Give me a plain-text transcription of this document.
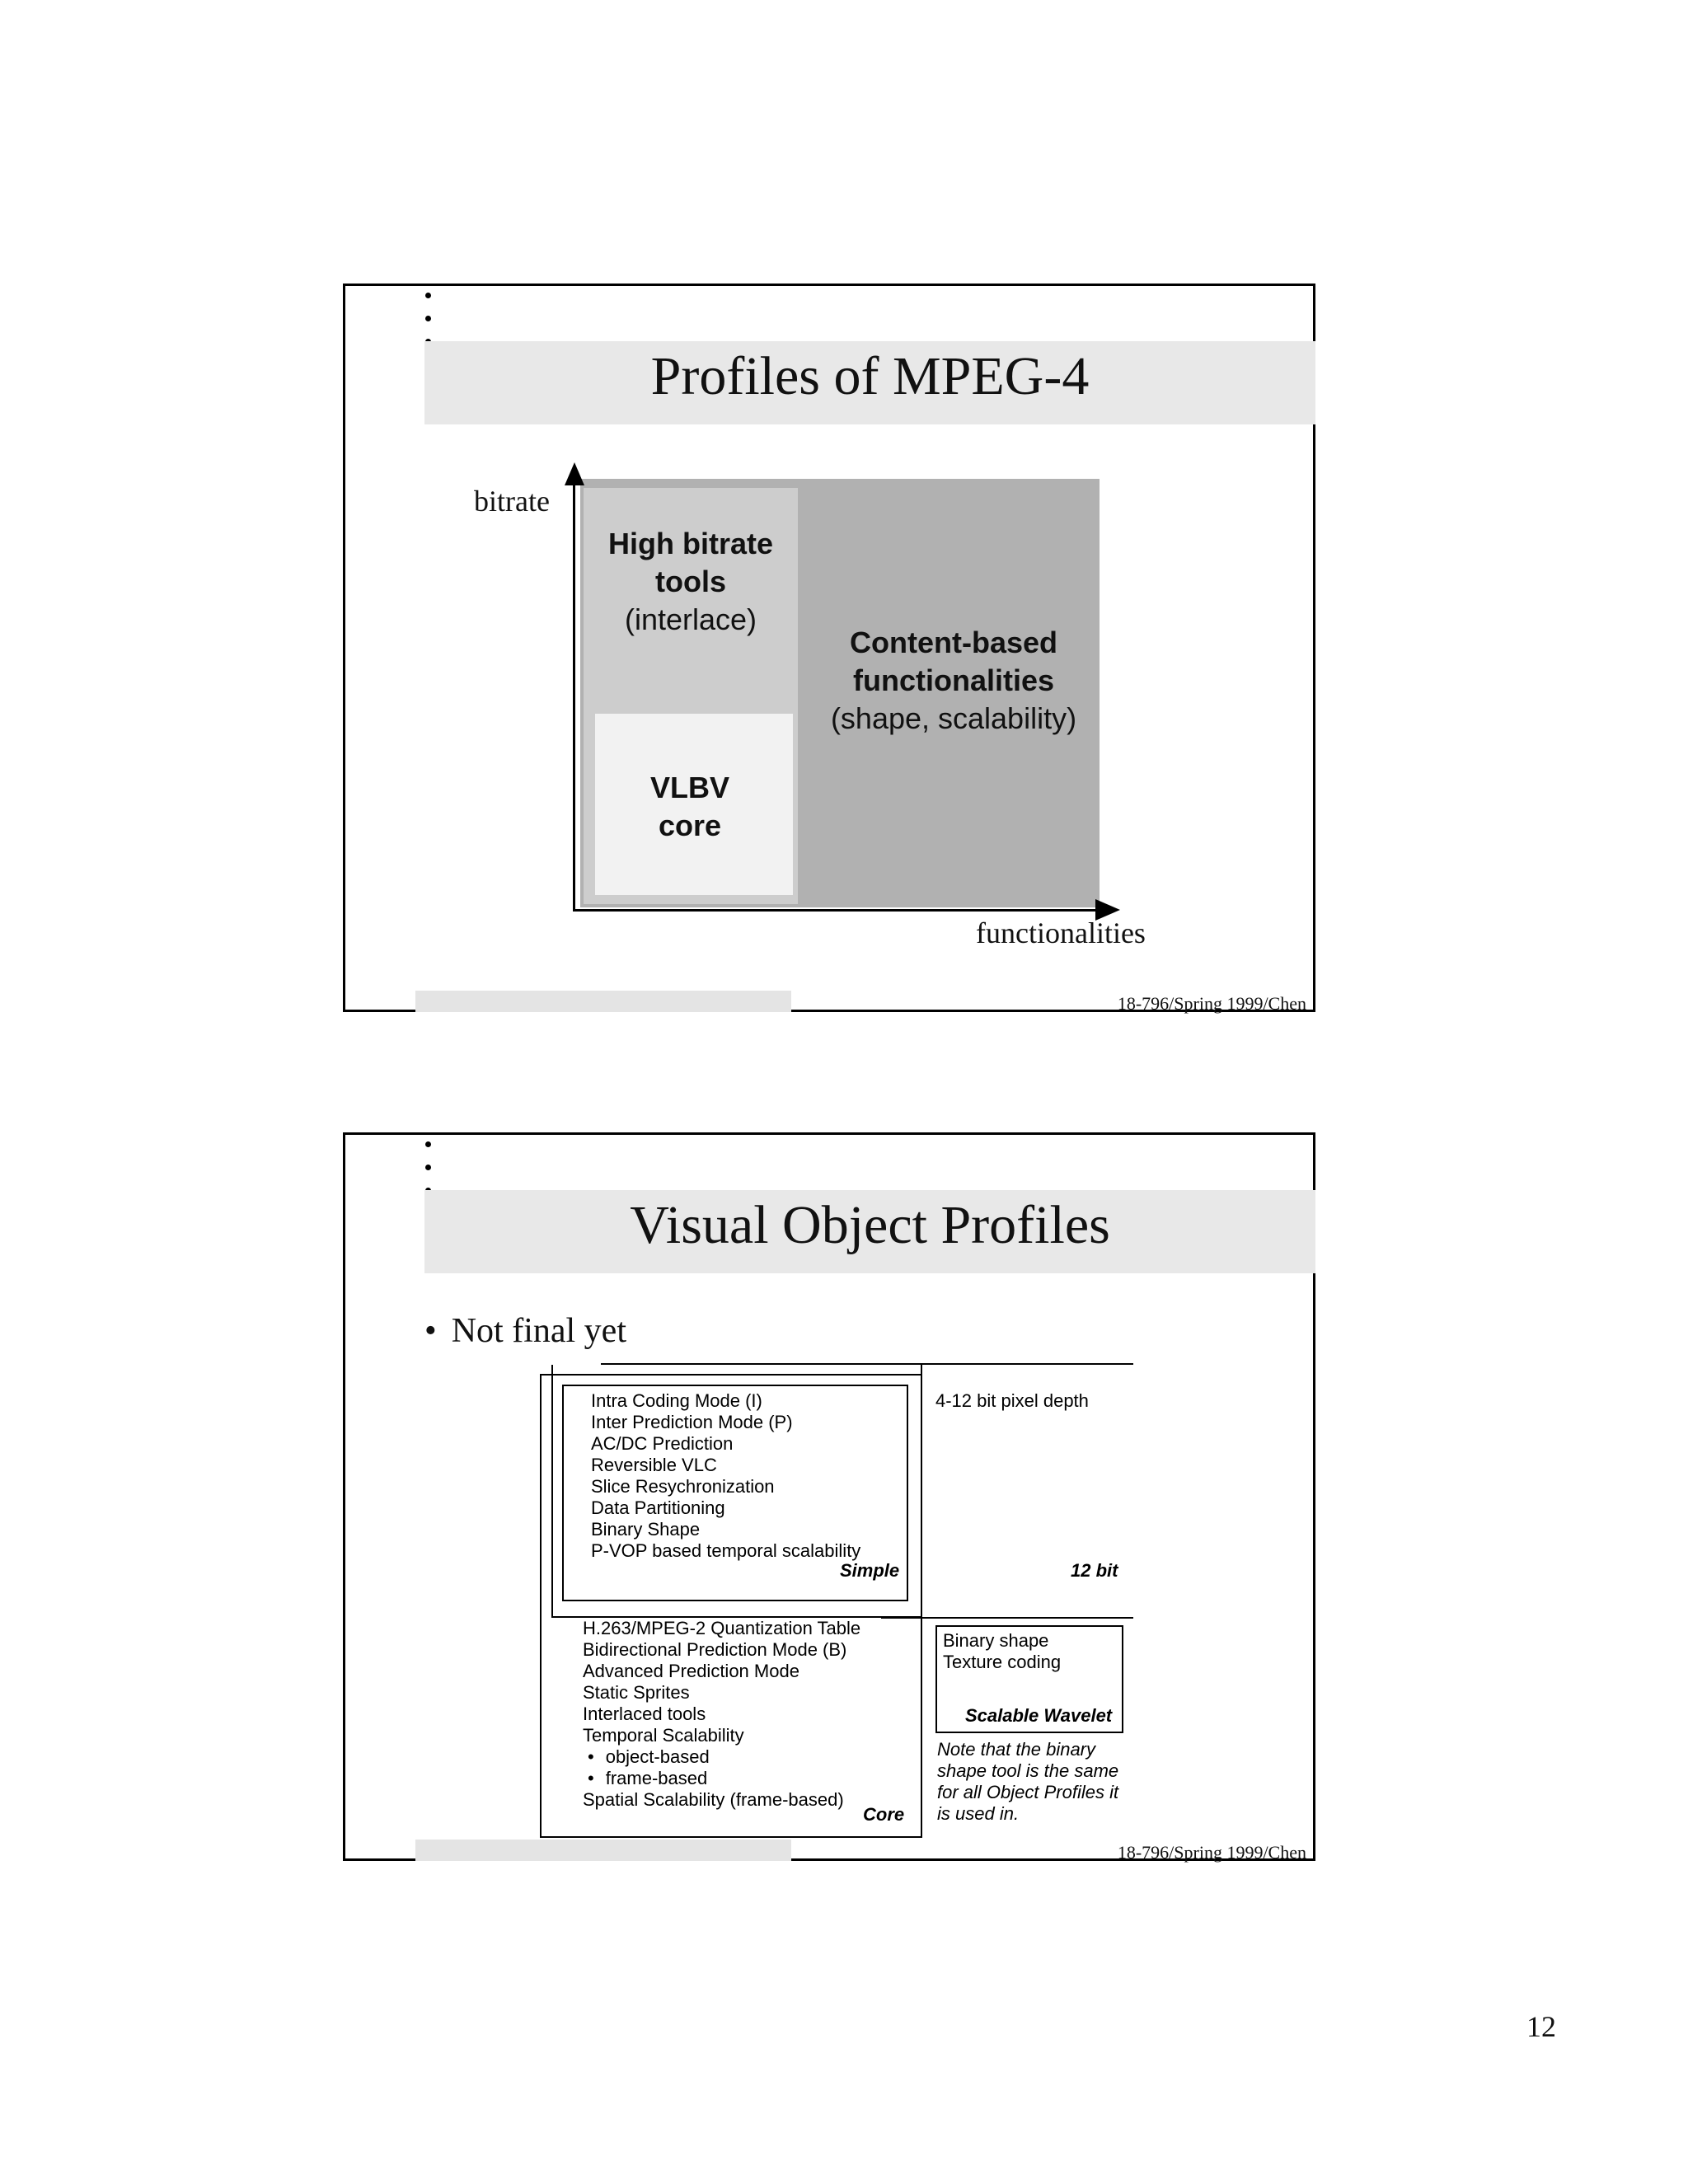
Profiles of MPEG-4
bitrate
functionalities
High bitrate
tools
(interlace)
Content-based
functionalities
(shape, scalability)
VLBV
core
18-796/Spring 1999/Chen
Visual Object Profiles
• Not final yet
Intra Coding Mode (I)
Inter Prediction Mode (P)
AC/DC Prediction
Reversible VLC
Slice Resychronization
Data Partitioning
Binary Shape
P-VOP based temporal scalability
Simple
4-12 bit pixel depth
12 bit
H.263/MPEG-2 Quantization Table
Bidirectional Prediction Mode (B)
Advanced Prediction Mode
Static Sprites
Interlaced tools
Temporal Scalability
• object-based
• frame-based
Spatial Scalability (frame-based)
Core
Binary shape
Texture coding
Scalable Wavelet
Note that the binary
shape tool is the same
for all Object Profiles it
is used in.
18-796/Spring 1999/Chen
12
